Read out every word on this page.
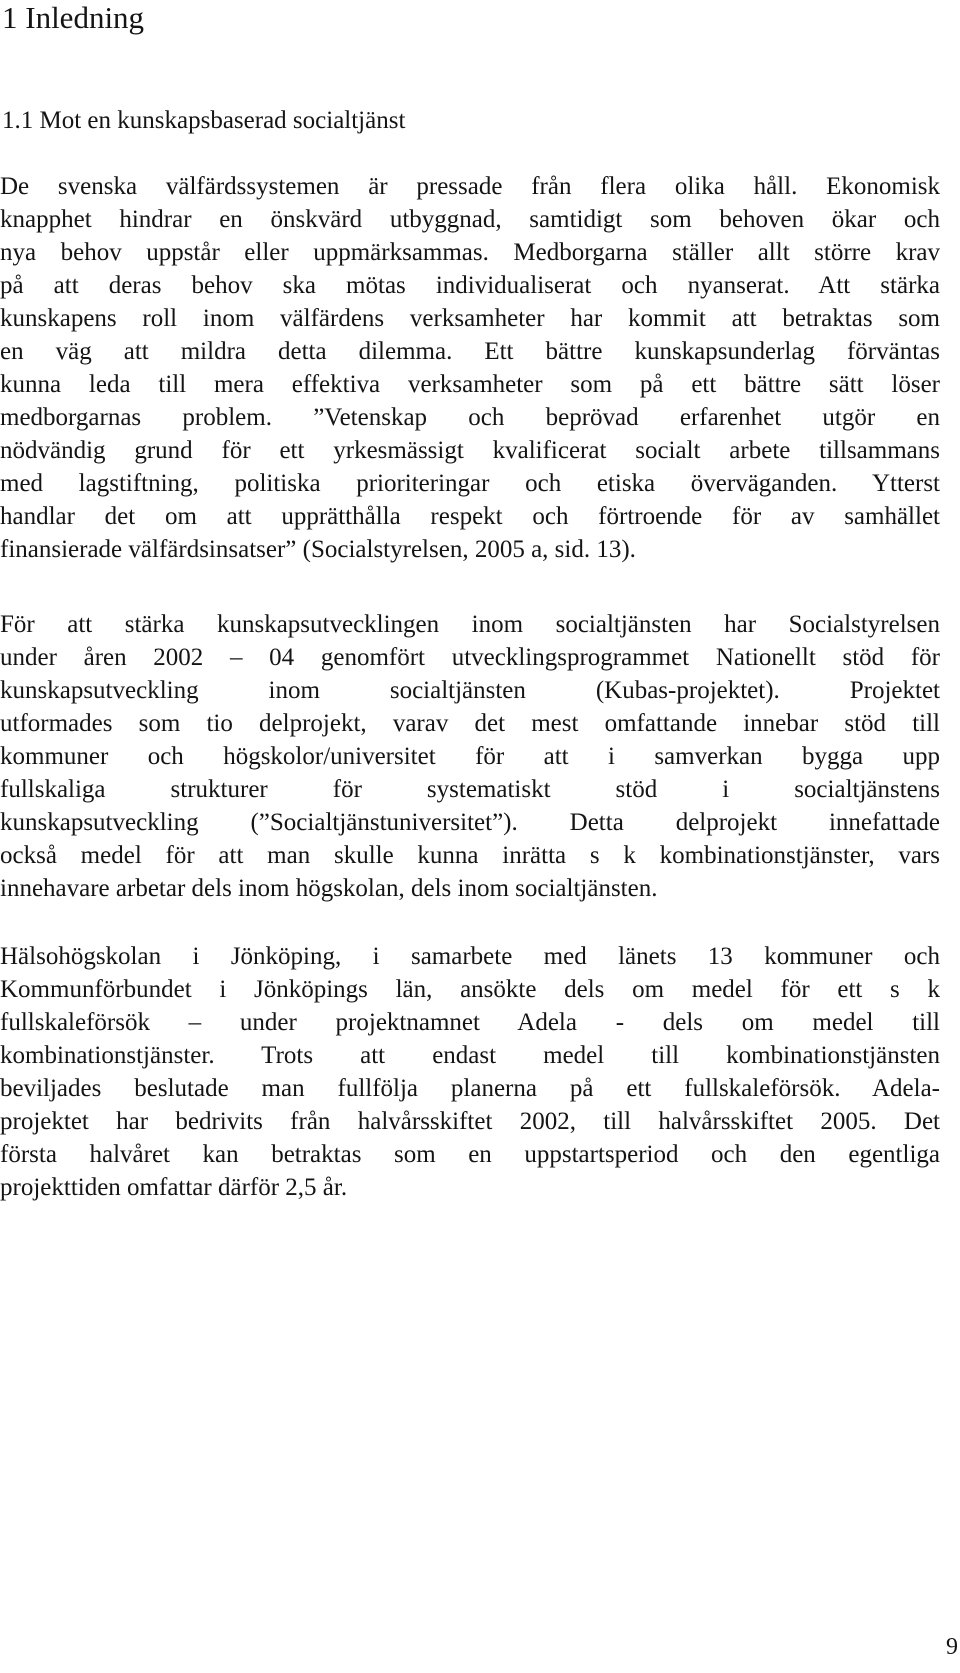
1 Inledning
1.1 Mot en kunskapsbaserad socialtjänst
De svenska välfärdssystemen är pressade från flera olika håll. Ekonomisk
knapphet hindrar en önskvärd utbyggnad, samtidigt som behoven ökar och
nya behov uppstår eller uppmärksammas. Medborgarna ställer allt större krav
på att deras behov ska mötas individualiserat och nyanserat. Att stärka
kunskapens roll inom välfärdens verksamheter har kommit att betraktas som
en väg att mildra detta dilemma. Ett bättre kunskapsunderlag förväntas
kunna leda till mera effektiva verksamheter som på ett bättre sätt löser
medborgarnas problem. ”Vetenskap och beprövad erfarenhet utgör en
nödvändig grund för ett yrkesmässigt kvalificerat socialt arbete tillsammans
med lagstiftning, politiska prioriteringar och etiska överväganden. Ytterst
handlar det om att upprätthålla respekt och förtroende för av samhället
finansierade välfärdsinsatser” (Socialstyrelsen, 2005 a, sid. 13).
För att stärka kunskapsutvecklingen inom socialtjänsten har Socialstyrelsen
under åren 2002 – 04 genomfört utvecklingsprogrammet Nationellt stöd för
kunskapsutveckling inom socialtjänsten (Kubas-projektet). Projektet
utformades som tio delprojekt, varav det mest omfattande innebar stöd till
kommuner och högskolor/universitet för att i samverkan bygga upp
fullskaliga strukturer för systematiskt stöd i socialtjänstens
kunskapsutveckling (”Socialtjänstuniversitet”). Detta delprojekt innefattade
också medel för att man skulle kunna inrätta s k kombinationstjänster, vars
innehavare arbetar dels inom högskolan, dels inom socialtjänsten.
Hälsohögskolan i Jönköping, i samarbete med länets 13 kommuner och
Kommunförbundet i Jönköpings län, ansökte dels om medel för ett s k
fullskaleförsök – under projektnamnet Adela - dels om medel till
kombinationstjänster. Trots att endast medel till kombinationstjänsten
beviljades beslutade man fullfölja planerna på ett fullskaleförsök. Adela-
projektet har bedrivits från halvårsskiftet 2002, till halvårsskiftet 2005. Det
första halvåret kan betraktas som en uppstartsperiod och den egentliga
projekttiden omfattar därför 2,5 år.
9
